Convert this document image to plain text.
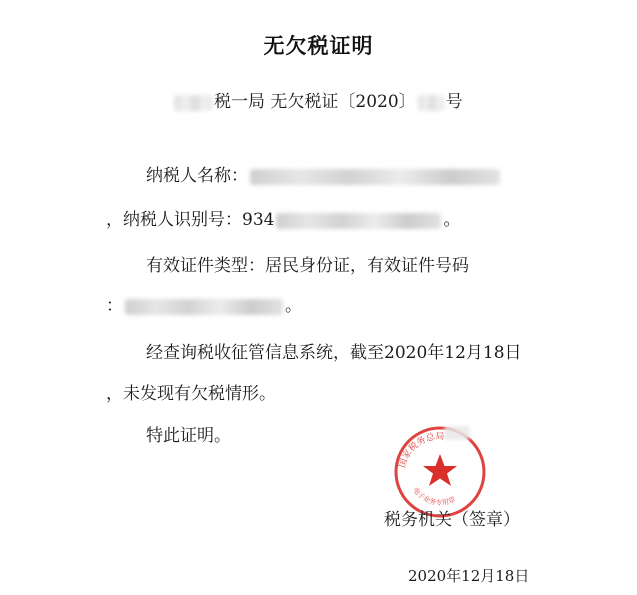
无欠税证明
税一局 无欠税证〔2020〕 号
纳税人名称：
，纳税人识别号：934	。
有效证件类型：居民身份证，有效证件号码
：	。
经查询税收征管信息系统，截至2020年12月18日
，未发现有欠税情形。
特此证明。
国家税务总局
电子业务专用章
税务机关（签章）
2020年12月18日
